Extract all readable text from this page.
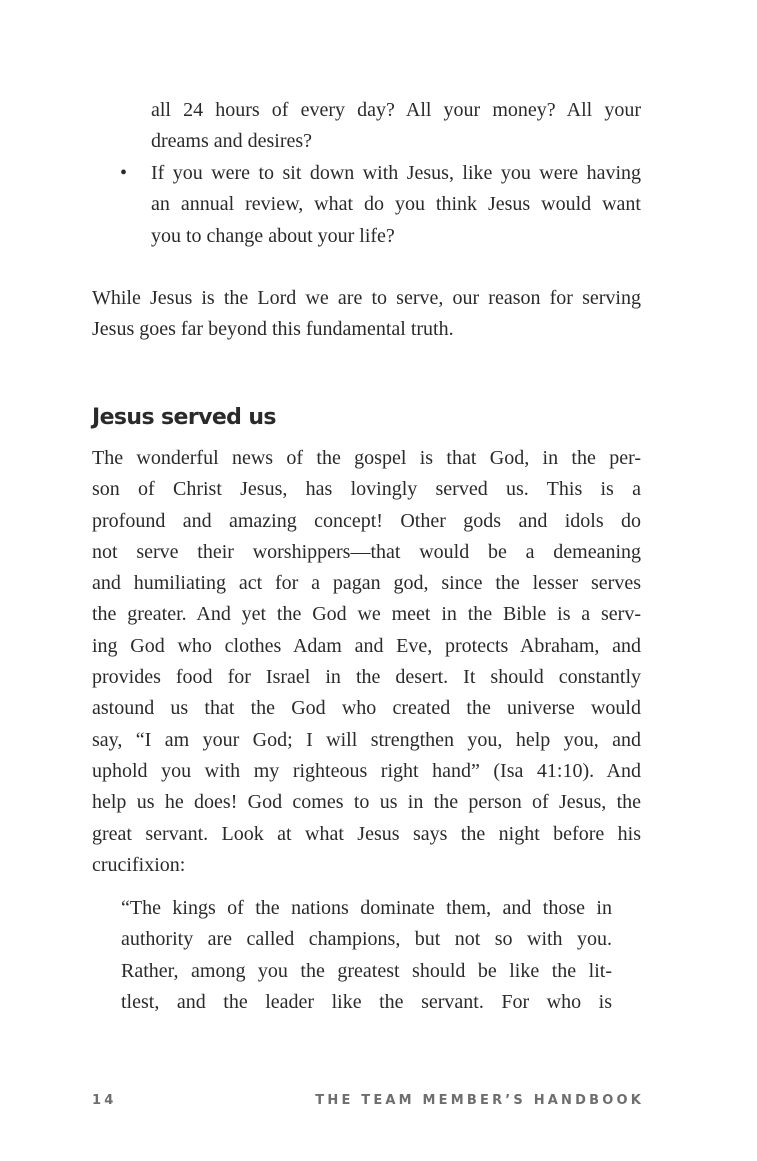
all 24 hours of every day? All your money? All your
dreams and desires?
•	If you were to sit down with Jesus, like you were having
an annual review, what do you think Jesus would want
you to change about your life?
While Jesus is the Lord we are to serve, our reason for serving
Jesus goes far beyond this fundamental truth.
Jesus served us
The wonderful news of the gospel is that God, in the per-
son of Christ Jesus, has lovingly served us. This is a
profound and amazing concept! Other gods and idols do
not serve their worshippers—that would be a demeaning
and humiliating act for a pagan god, since the lesser serves
the greater. And yet the God we meet in the Bible is a serv-
ing God who clothes Adam and Eve, protects Abraham, and
provides food for Israel in the desert. It should constantly
astound us that the God who created the universe would
say, “I am your God; I will strengthen you, help you, and
uphold you with my righteous right hand” (Isa 41:10). And
help us he does! God comes to us in the person of Jesus, the
great servant. Look at what Jesus says the night before his
crucifixion:
“The kings of the nations dominate them, and those in
authority are called champions, but not so with you.
Rather, among you the greatest should be like the lit-
tlest, and the leader like the servant. For who is
14	THE TEAM MEMBER’S HANDBOOK
